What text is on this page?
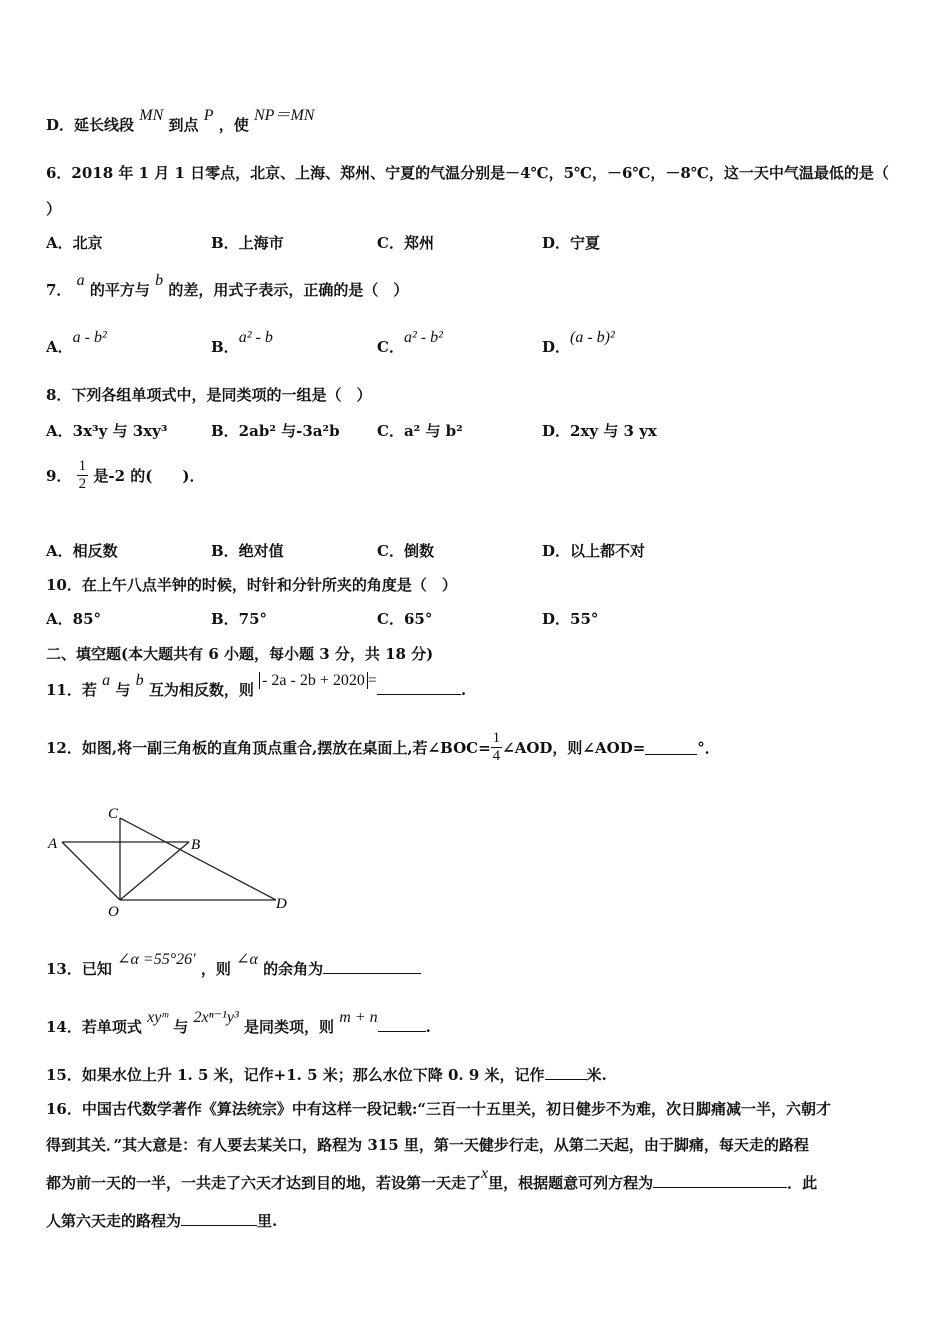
D．延长线段 MN 到点 P ，使 NP＝MN
6．2018 年 1 月 1 日零点，北京、上海、郑州、宁夏的气温分别是－4℃，5℃，－6℃，－8℃，这一天中气温最低的是（
）
A．北京	B．上海市	C．郑州	D．宁夏
7． a 的平方与 b 的差，用式子表示，正确的是（　）
A．a - b²
B．a² - b
C．a² - b²
D．(a - b)²
8．下列各组单项式中，是同类项的一组是（　）
A．3x³y 与 3xy³	B．2ab² 与-3a²b C．a² 与 b²	D．2xy 与 3 yx
9． $\frac{1}{2}$ 是-2 的(　　)．
A．相反数	B．绝对值	C．倒数	D．以上都不对
10．在上午八点半钟的时候，时针和分针所夹的角度是（　）
A．85°	B．75°	C．65°	D．55°
二、填空题(本大题共有 6 小题，每小题 3 分，共 18 分)
11．若 a 与 b 互为相反数，则 - 2a - 2b + 2020 =.
12．如图,将一副三角板的直角顶点重合,摆放在桌面上,若∠BOC= $\frac{1}{4}$ ∠AOD，则∠AOD=	°．
A	B
C
O	D
13．已知 ∠α =55°26′ ，则 ∠α 的余角为
14．若单项式 xyᵐ 与 2xⁿ⁻¹y³ 是同类项，则 m + n.
15．如果水位上升 1. 5 米，记作+1. 5 米；那么水位下降 0. 9 米，记作	米.
16．中国古代数学著作《算法统宗》中有这样一段记载:“三百一十五里关，初日健步不为难，次日脚痛减一半，六朝才
得到其关．”其大意是：有人要去某关口，路程为 315 里，第一天健步行走，从第二天起，由于脚痛，每天走的路程
都为前一天的一半，一共走了六天才达到目的地，若设第一天走了x里，根据题意可列方程为	．此
人第六天走的路程为	里.
